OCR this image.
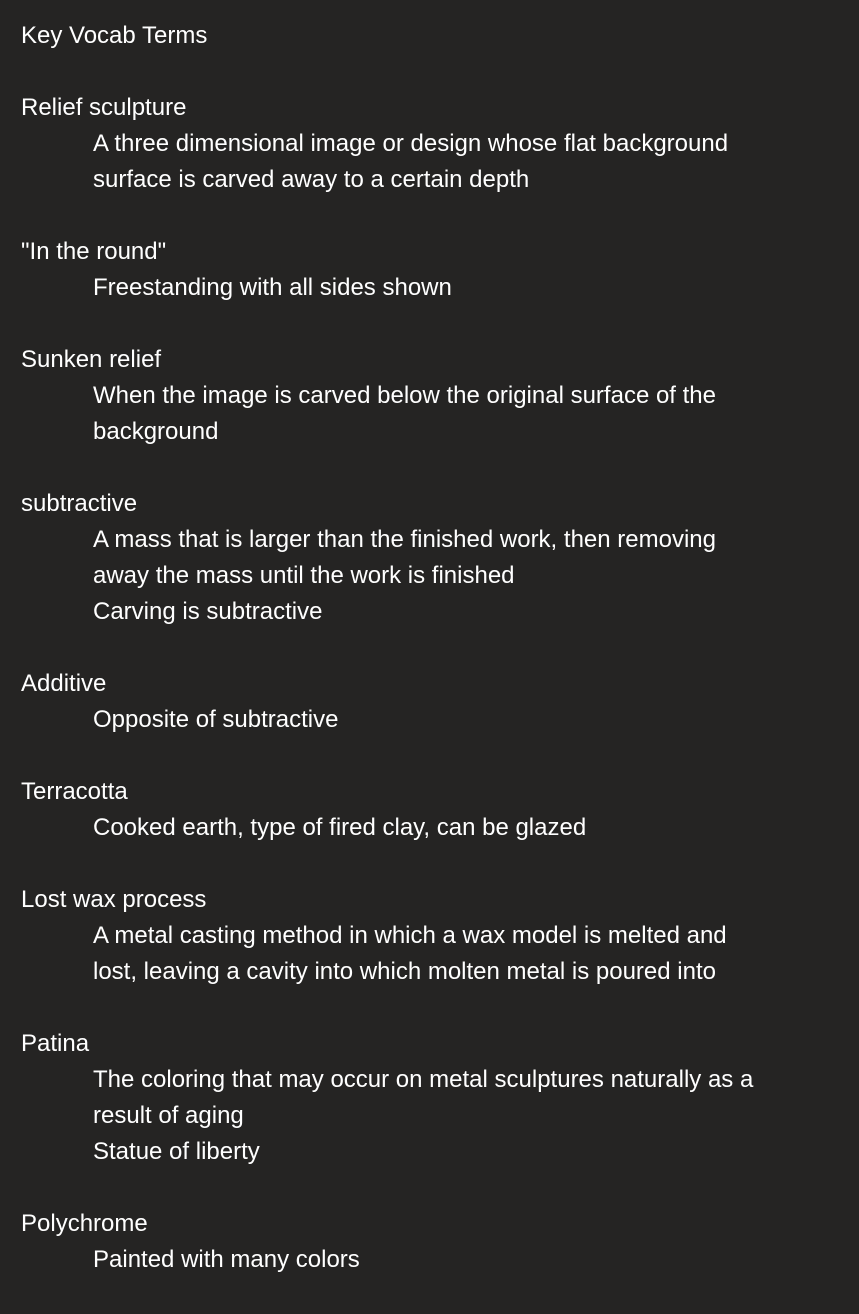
Key Vocab Terms
Relief sculpture
A three dimensional image or design whose flat background
surface is carved away to a certain depth
"In the round"
Freestanding with all sides shown
Sunken relief
When the image is carved below the original surface of the
background
subtractive
A mass that is larger than the finished work, then removing
away the mass until the work is finished
Carving is subtractive
Additive
Opposite of subtractive
Terracotta
Cooked earth, type of fired clay, can be glazed
Lost wax process
A metal casting method in which a wax model is melted and
lost, leaving a cavity into which molten metal is poured into
Patina
The coloring that may occur on metal sculptures naturally as a
result of aging
Statue of liberty
Polychrome
Painted with many colors
